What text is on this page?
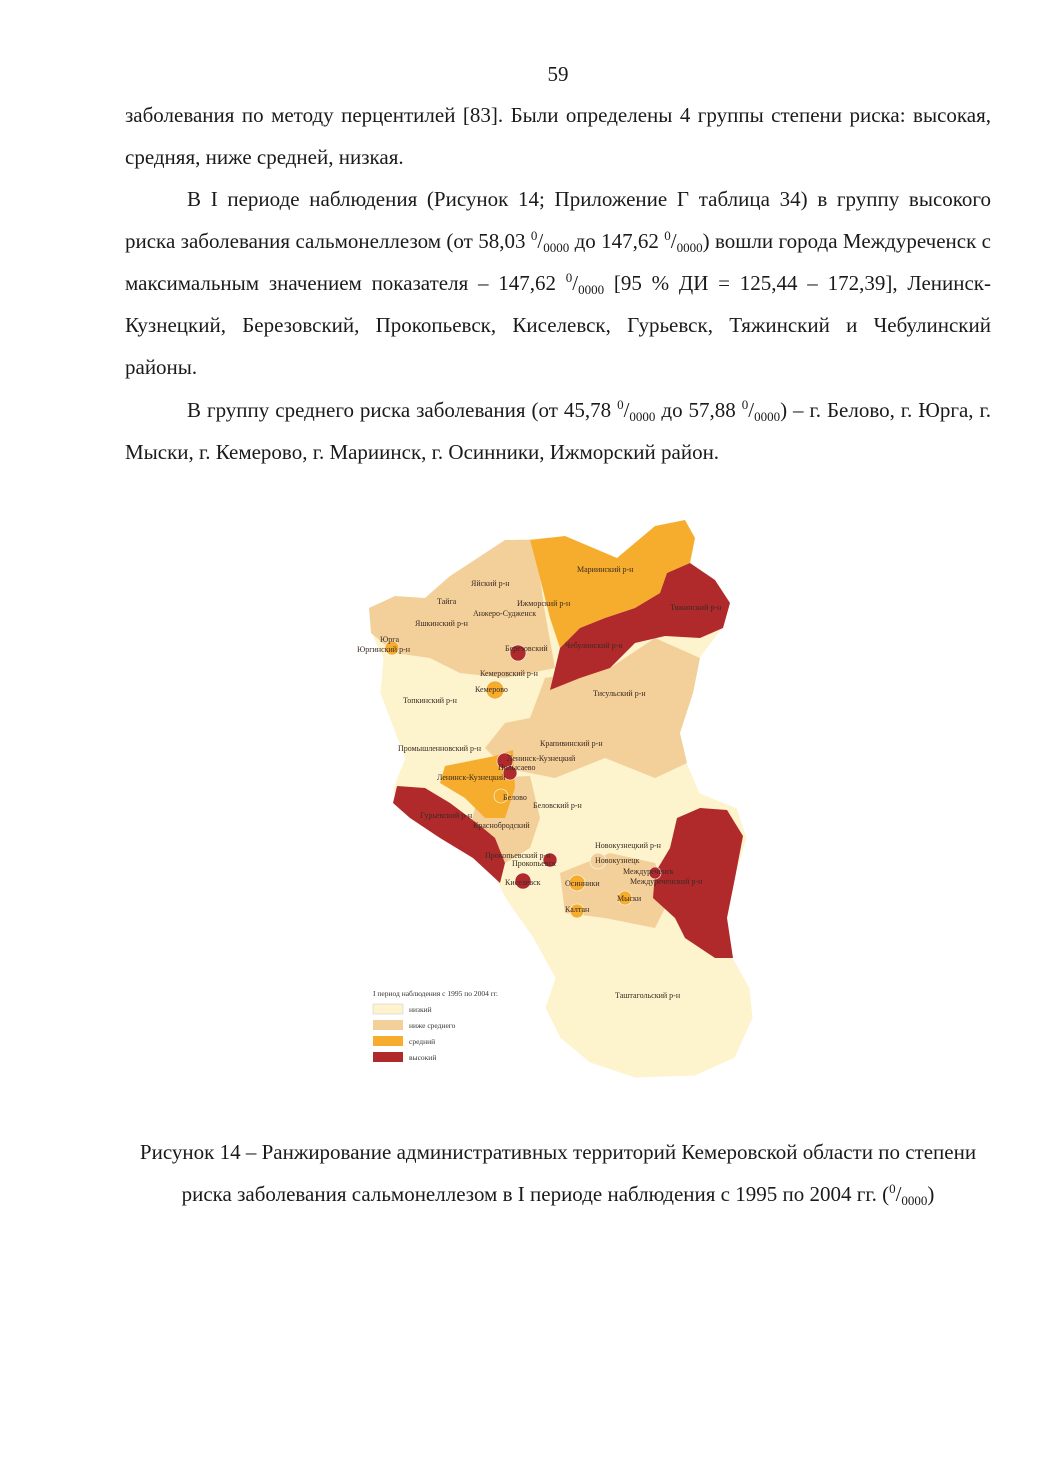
59
заболевания по методу перцентилей [83]. Были определены 4 группы степени риска: высокая, средняя, ниже средней, низкая.
В I периоде наблюдения (Рисунок 14; Приложение Г таблица 34) в группу высокого риска заболевания сальмонеллезом (от 58,03 $^0/_{0000}$ до 147,62 $^0/_{0000}$) вошли города Междуреченск с максимальным значением показателя – 147,62 $^0/_{0000}$ [95 % ДИ = 125,44 – 172,39], Ленинск-Кузнецкий, Березовский, Прокопьевск, Киселевск, Гурьевск, Тяжинский и Чебулинский районы.
В группу среднего риска заболевания (от 45,78 $^0/_{0000}$ до 57,88 $^0/_{0000}$) – г. Белово, г. Юрга, г. Мыски, г. Кемерово, г. Мариинск, г. Осинники, Ижморский район.
Яйский р-н
Мариинский р-н
Тайга	Ижморский р-н	Тяжинский р-н
Анжеро-Судженск
Яшкинский р-н
Юрга
Юргинский р-н	Березовский Чебулинский р-н
Кемеровский р-н
Кемерово	Тисульский р-н
Топкинский р-н
Крапивинский р-н
Промышленновский р-н
Ленинск-Кузнецкий
Полысаево
Ленинск-Кузнецкий
Белово
Беловский р-н
Гурьевский р-н
Краснобродский
Новокузнецкий р-н
Прокопьевский р-н
Прокопьевск	Новокузнецк
Междуреченск
Междуреченский р-н
Киселевск	Осинники
Мыски
Калтан
Таштагольский р-н
I период наблюдения с 1995 по 2004 гг.
низкий
ниже среднего
средний
высокий
Рисунок 14 – Ранжирование административных территорий Кемеровской области по степени риска заболевания сальмонеллезом в I периоде наблюдения с 1995 по 2004 гг. $(^0/_{0000})$
